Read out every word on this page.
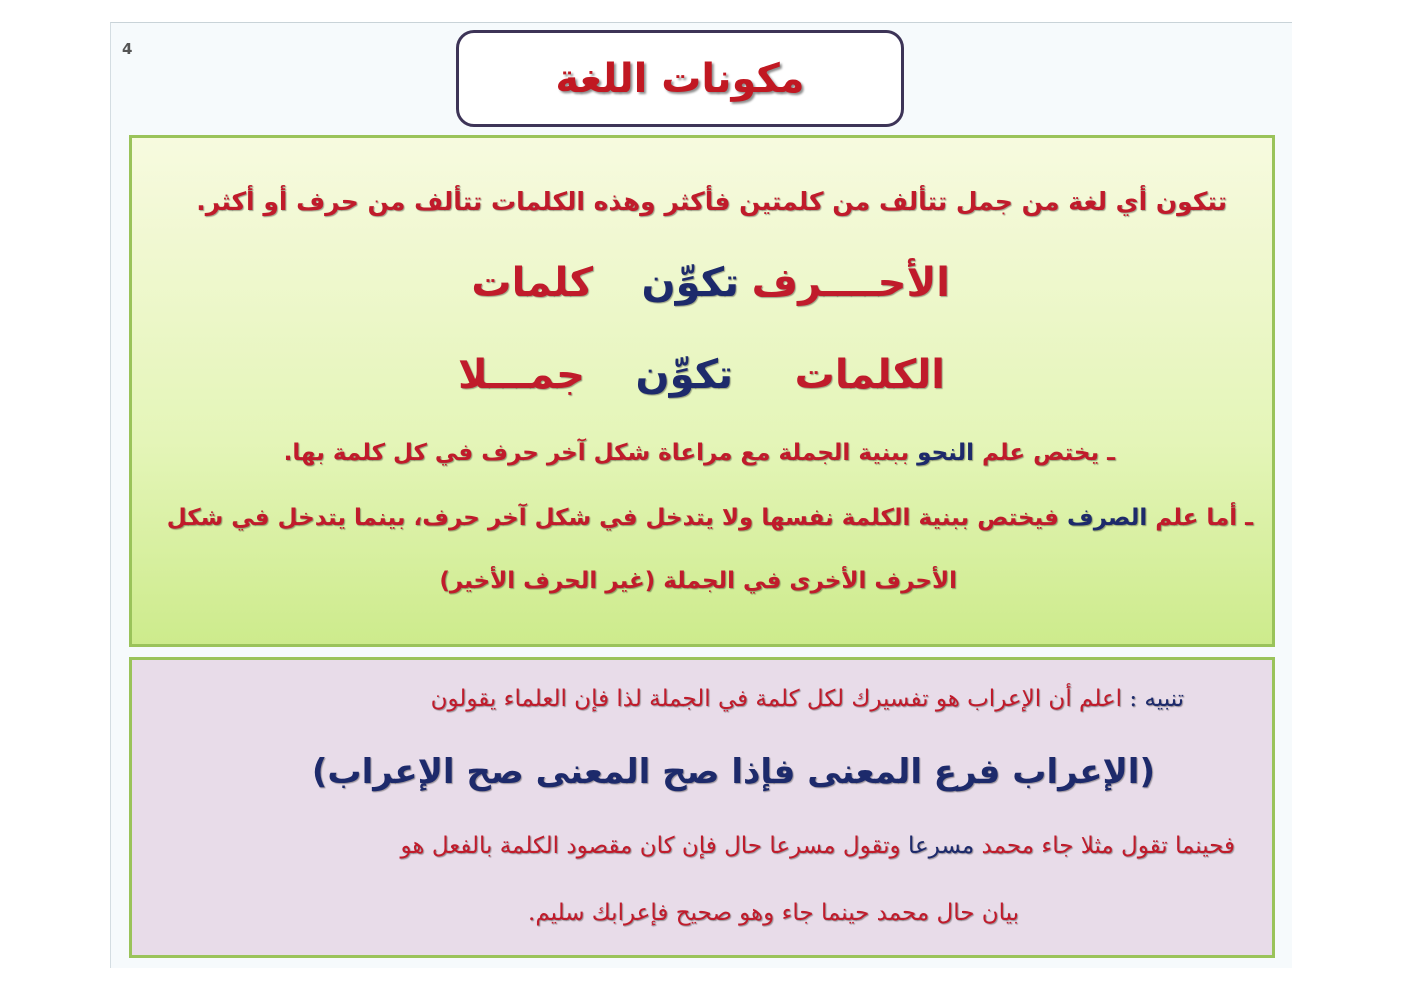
4
مكونات اللغة
تتكون أي لغة من جمل تتألف من كلمتين فأكثر وهذه الكلمات تتألف من حرف أو أكثر.
الأحــــرف
تكوِّن
كلمات
الكلمات
تكوِّن
جمـــلا
ـ يختص علم النحو ببنية الجملة مع مراعاة شكل آخر حرف في كل كلمة بها.
ـ أما علم الصرف فيختص ببنية الكلمة نفسها ولا يتدخل في شكل آخر حرف، بينما يتدخل في شكل
الأحرف الأخرى في الجملة (غير الحرف الأخير)
تنبيه : اعلم أن الإعراب هو تفسيرك لكل كلمة في الجملة لذا فإن العلماء يقولون
(الإعراب فرع المعنى فإذا صح المعنى صح الإعراب)
فحينما تقول مثلا جاء محمد مسرعا وتقول مسرعا حال فإن كان مقصود الكلمة بالفعل هو
بيان حال محمد حينما جاء وهو صحيح فإعرابك سليم.
